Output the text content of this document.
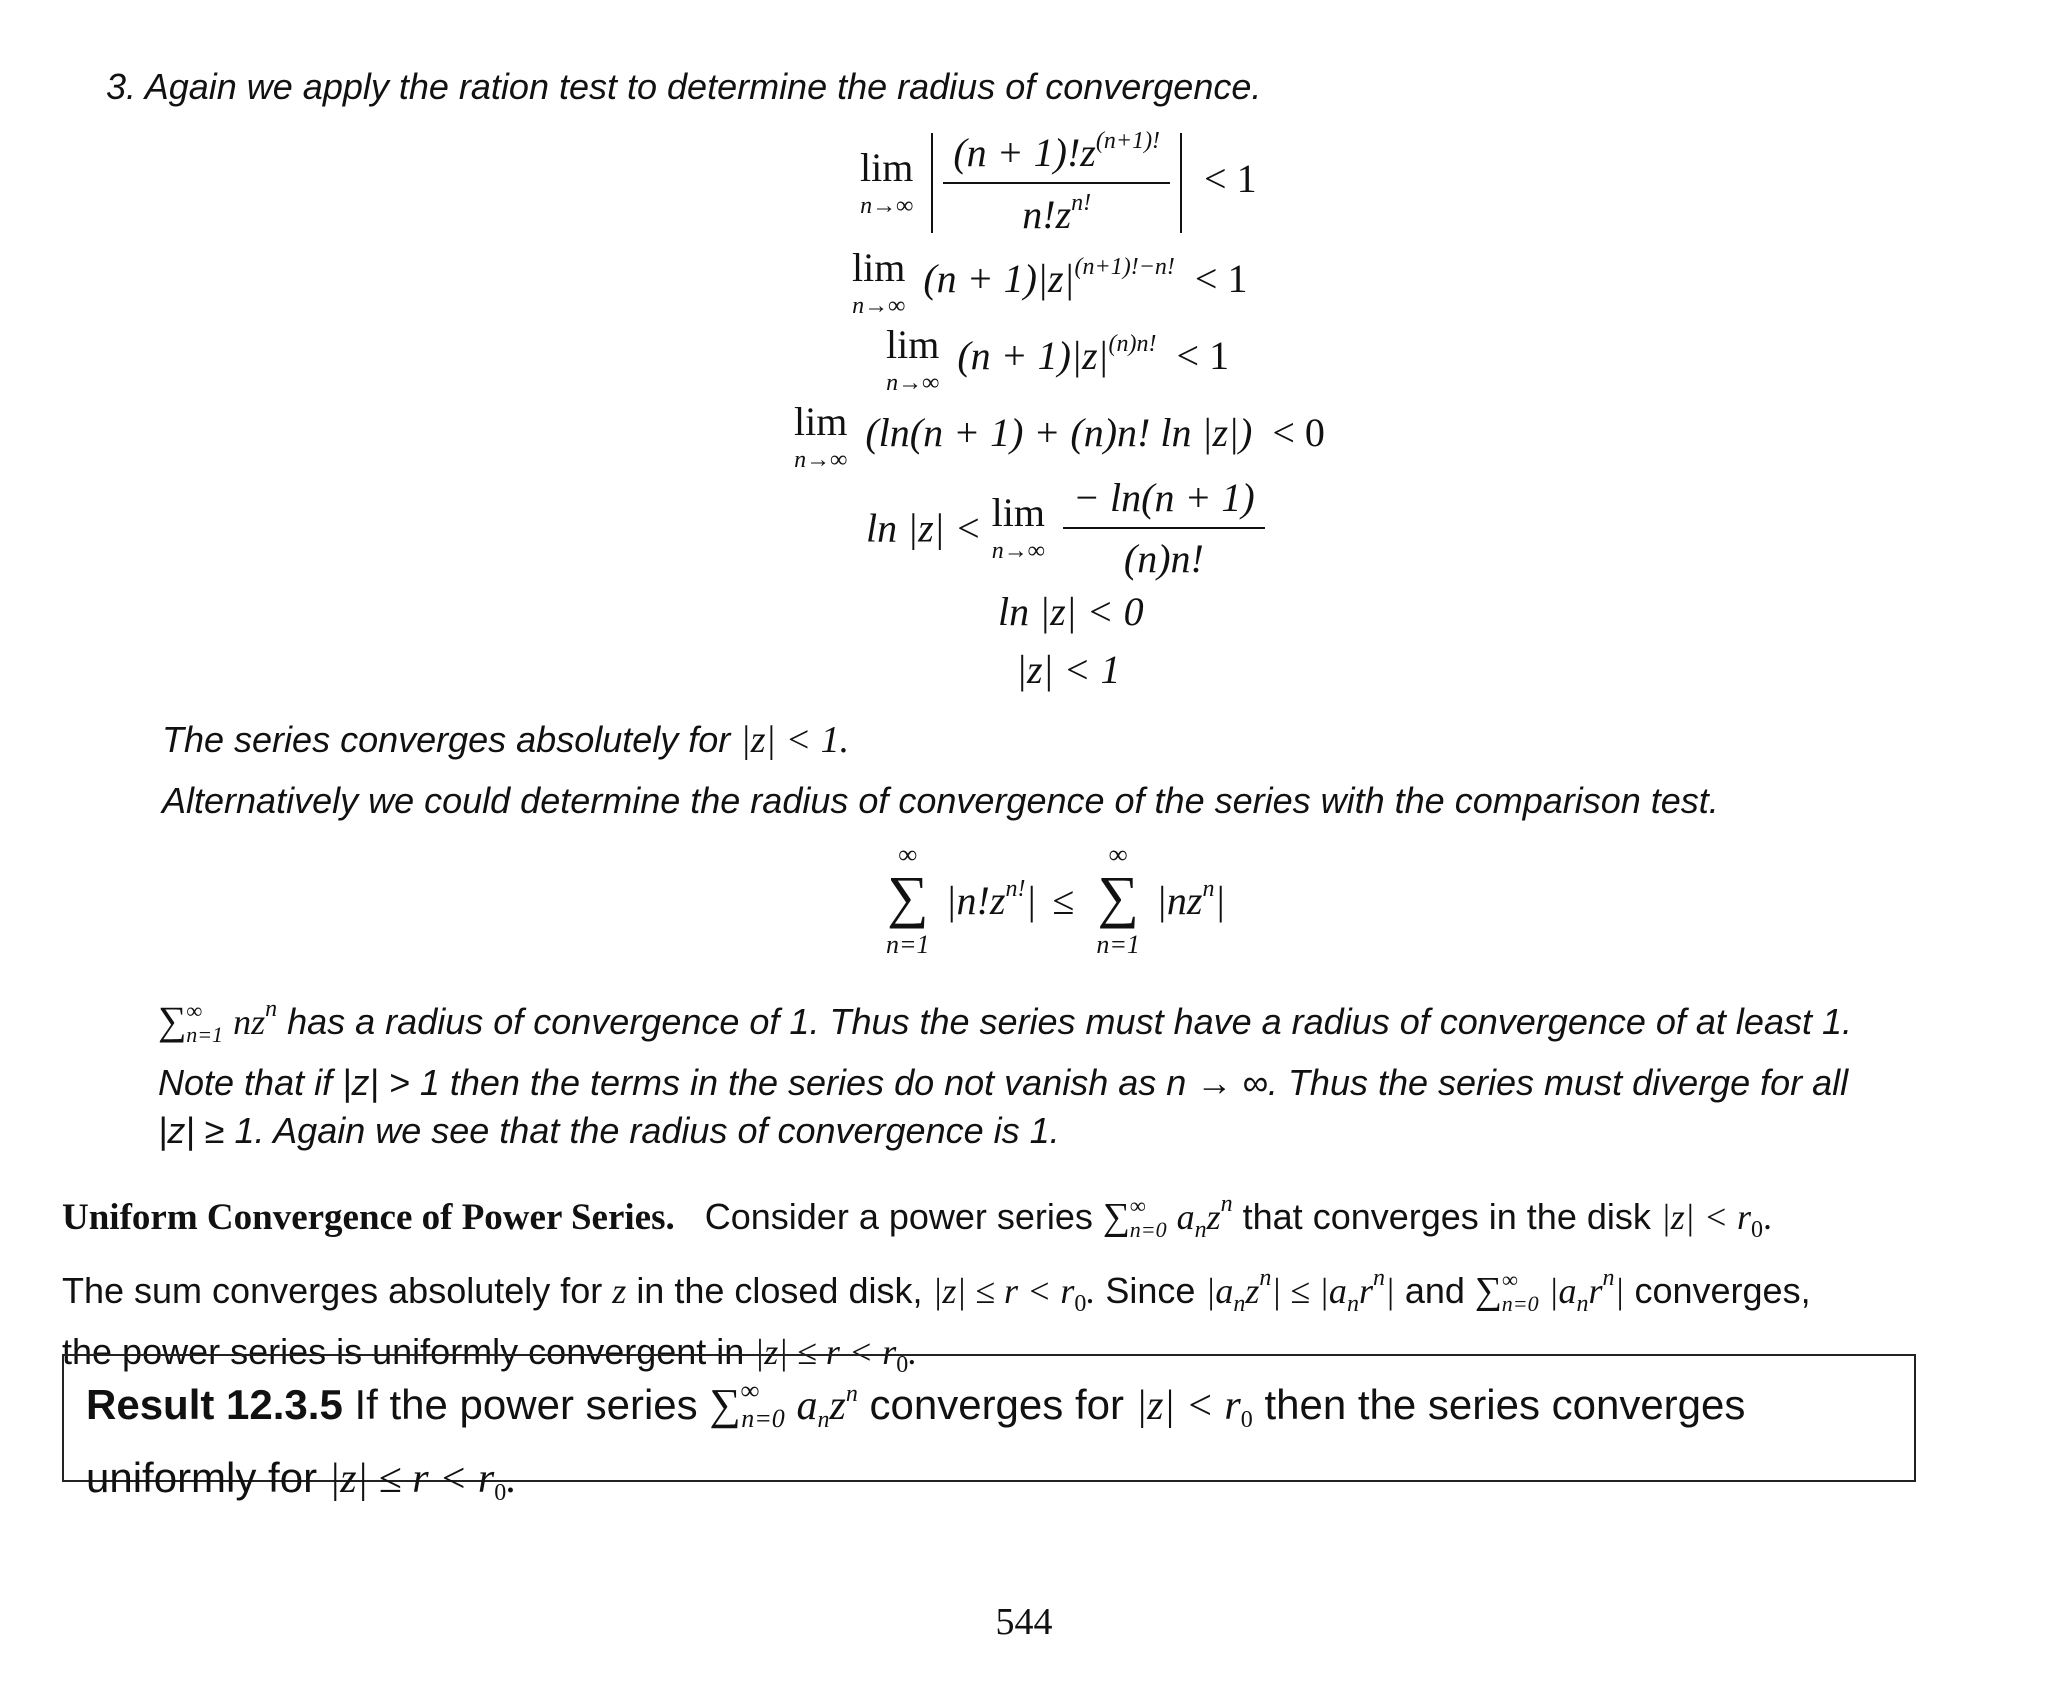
3. Again we apply the ration test to determine the radius of convergence.
lim
n→∞
$\frac{(n + 1)!z^{(n+1)!}}{n!z^{n!}} < 1$
lim
n→∞
$(n + 1)|z|^{(n+1)!-n!} < 1$
lim
n→∞
$(n + 1)|z|^{(n)n!} < 1$
lim
n→∞
(ln(n + 1) + (n)n! ln |z|) < 0
ln |z| < lim
n→∞
$\frac{- \ln(n + 1)}{(n)n!}$
ln |z| < 0
|z| < 1
The series converges absolutely for |z| < 1.
Alternatively we could determine the radius of convergence of the series with the comparison test.
∞
∑
n=1
$|n!z^{n!}|$ ≤
∞
∑
n=1
$|nz^n|$
$\sum^\infty_{n=1}$ $nz^n$ has a radius of convergence of 1. Thus the series must have a radius of convergence of at least 1.
Note that if |z| > 1 then the terms in the series do not vanish as n → ∞. Thus the series must diverge for all
|z| ≥ 1. Again we see that the radius of convergence is 1.
Uniform Convergence of Power Series. Consider a power series $\sum^\infty_{n=0}$ $a_nz^n$ that converges in the disk $|z| < r_0$.
The sum converges absolutely for z in the closed disk, $|z| \le r < r_0$. Since $|a_nz^n| \le |a_nr^n|$ and $\sum^\infty_{n=0}$ $|a_nr^n|$ converges,
the power series is uniformly convergent in $|z| \le r < r_0$.
Result 12.3.5 If the power series $\sum^\infty_{n=0}$ $a_nz^n$ converges for $|z| < r_0$ then the series converges
uniformly for $|z| \le r < r_0$.
544
